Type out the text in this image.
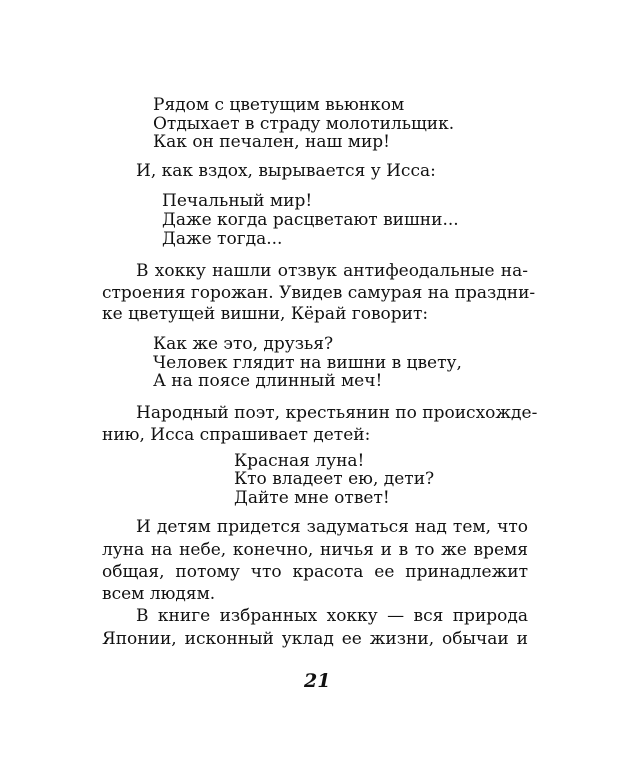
Рядом с цветущим вьюнком
Отдыхает в страду молотильщик.
Как он печален, наш мир!
И, как вздох, вырывается у Исса:
Печальный мир!
Даже когда расцветают вишни...
Даже тогда...
В хокку нашли отзвук антифеодальные на-
строения горожан. Увидев самурая на праздни-
ке цветущей вишни, Кёрай говорит:
Как же это, друзья?
Человек глядит на вишни в цвету,
А на поясе длинный меч!
Народный поэт, крестьянин по происхожде-
нию, Исса спрашивает детей:
Красная луна!
Кто владеет ею, дети?
Дайте мне ответ!
И детям придется задуматься над тем, что
луна на небе, конечно, ничья и в то же время
общая, потому что красота ее принадлежит
всем людям.
В книге избранных хокку — вся природа
Японии, исконный уклад ее жизни, обычаи и
21
